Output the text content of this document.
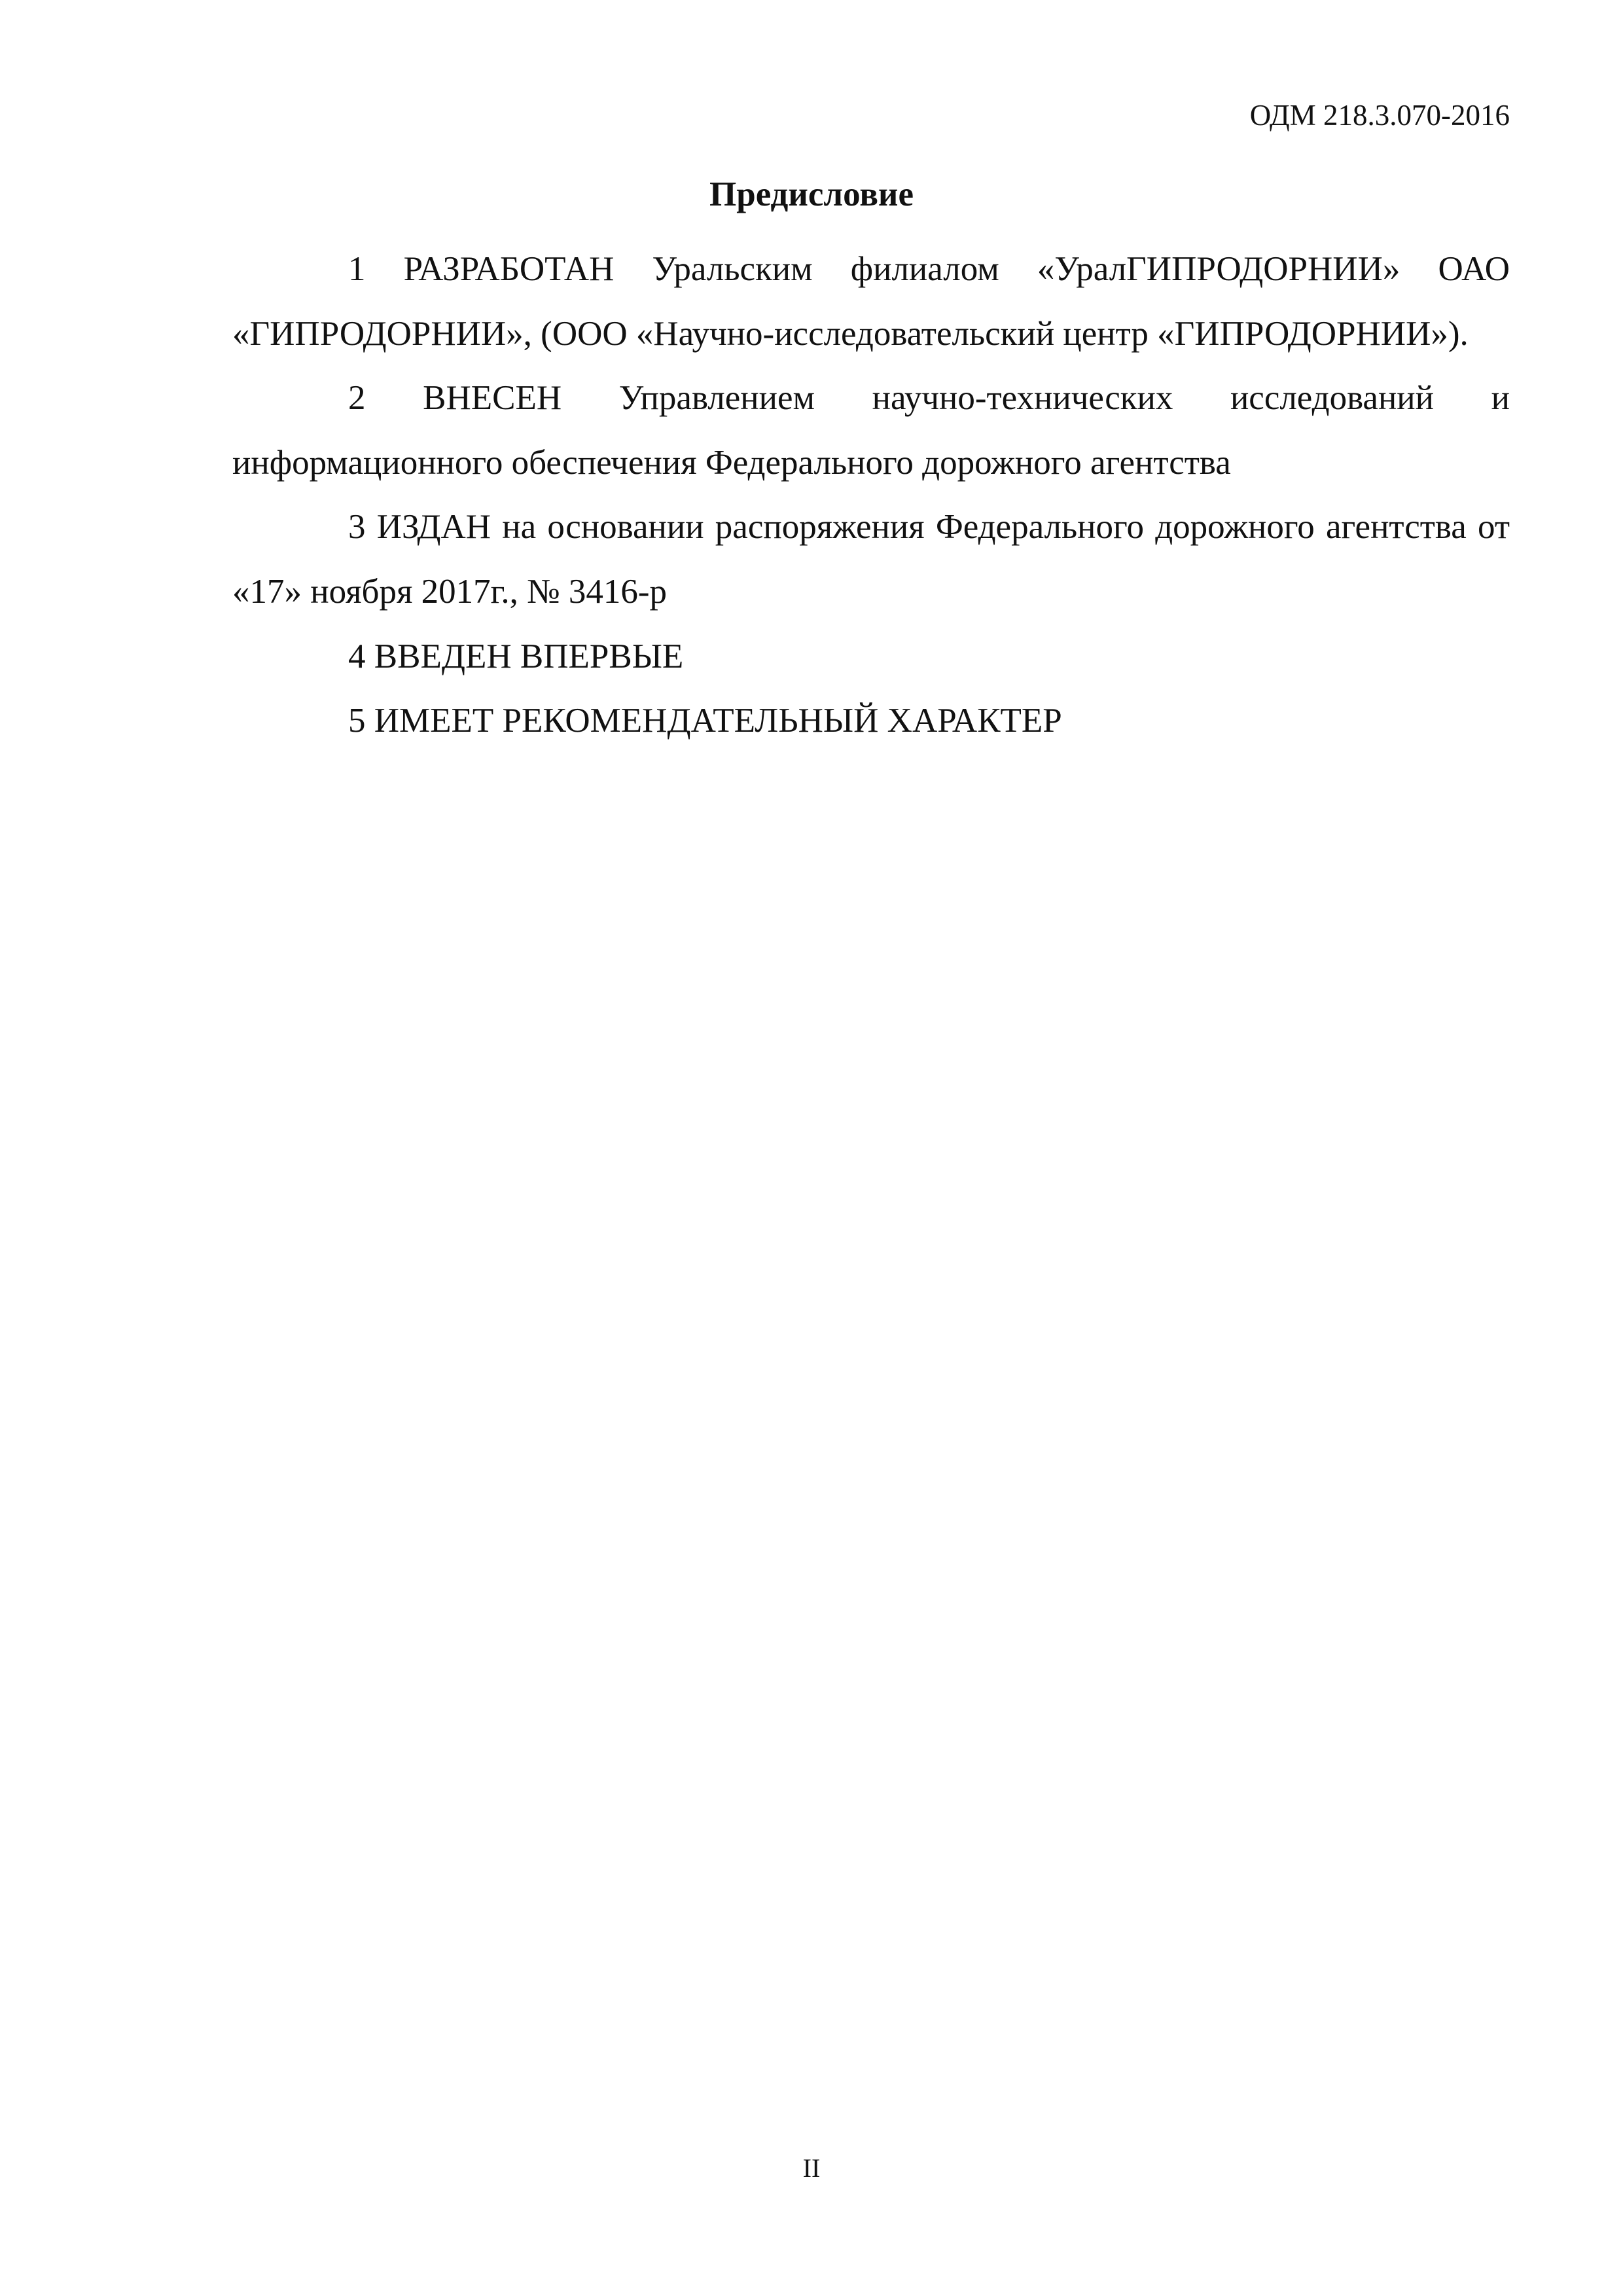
ОДМ 218.3.070-2016
Предисловие

1 РАЗРАБОТАН Уральским филиалом «УралГИПРОДОРНИИ» ОАО «ГИПРОДОРНИИ», (ООО «Научно-исследовательский центр «ГИПРОДОРНИИ»).

2 ВНЕСЕН Управлением научно-технических исследований и информационного обеспечения Федерального дорожного агентства

3 ИЗДАН на основании распоряжения Федерального дорожного агентства от «17» ноября 2017г., № 3416-р

4 ВВЕДЕН ВПЕРВЫЕ

5 ИМЕЕТ РЕКОМЕНДАТЕЛЬНЫЙ ХАРАКТЕР

II
